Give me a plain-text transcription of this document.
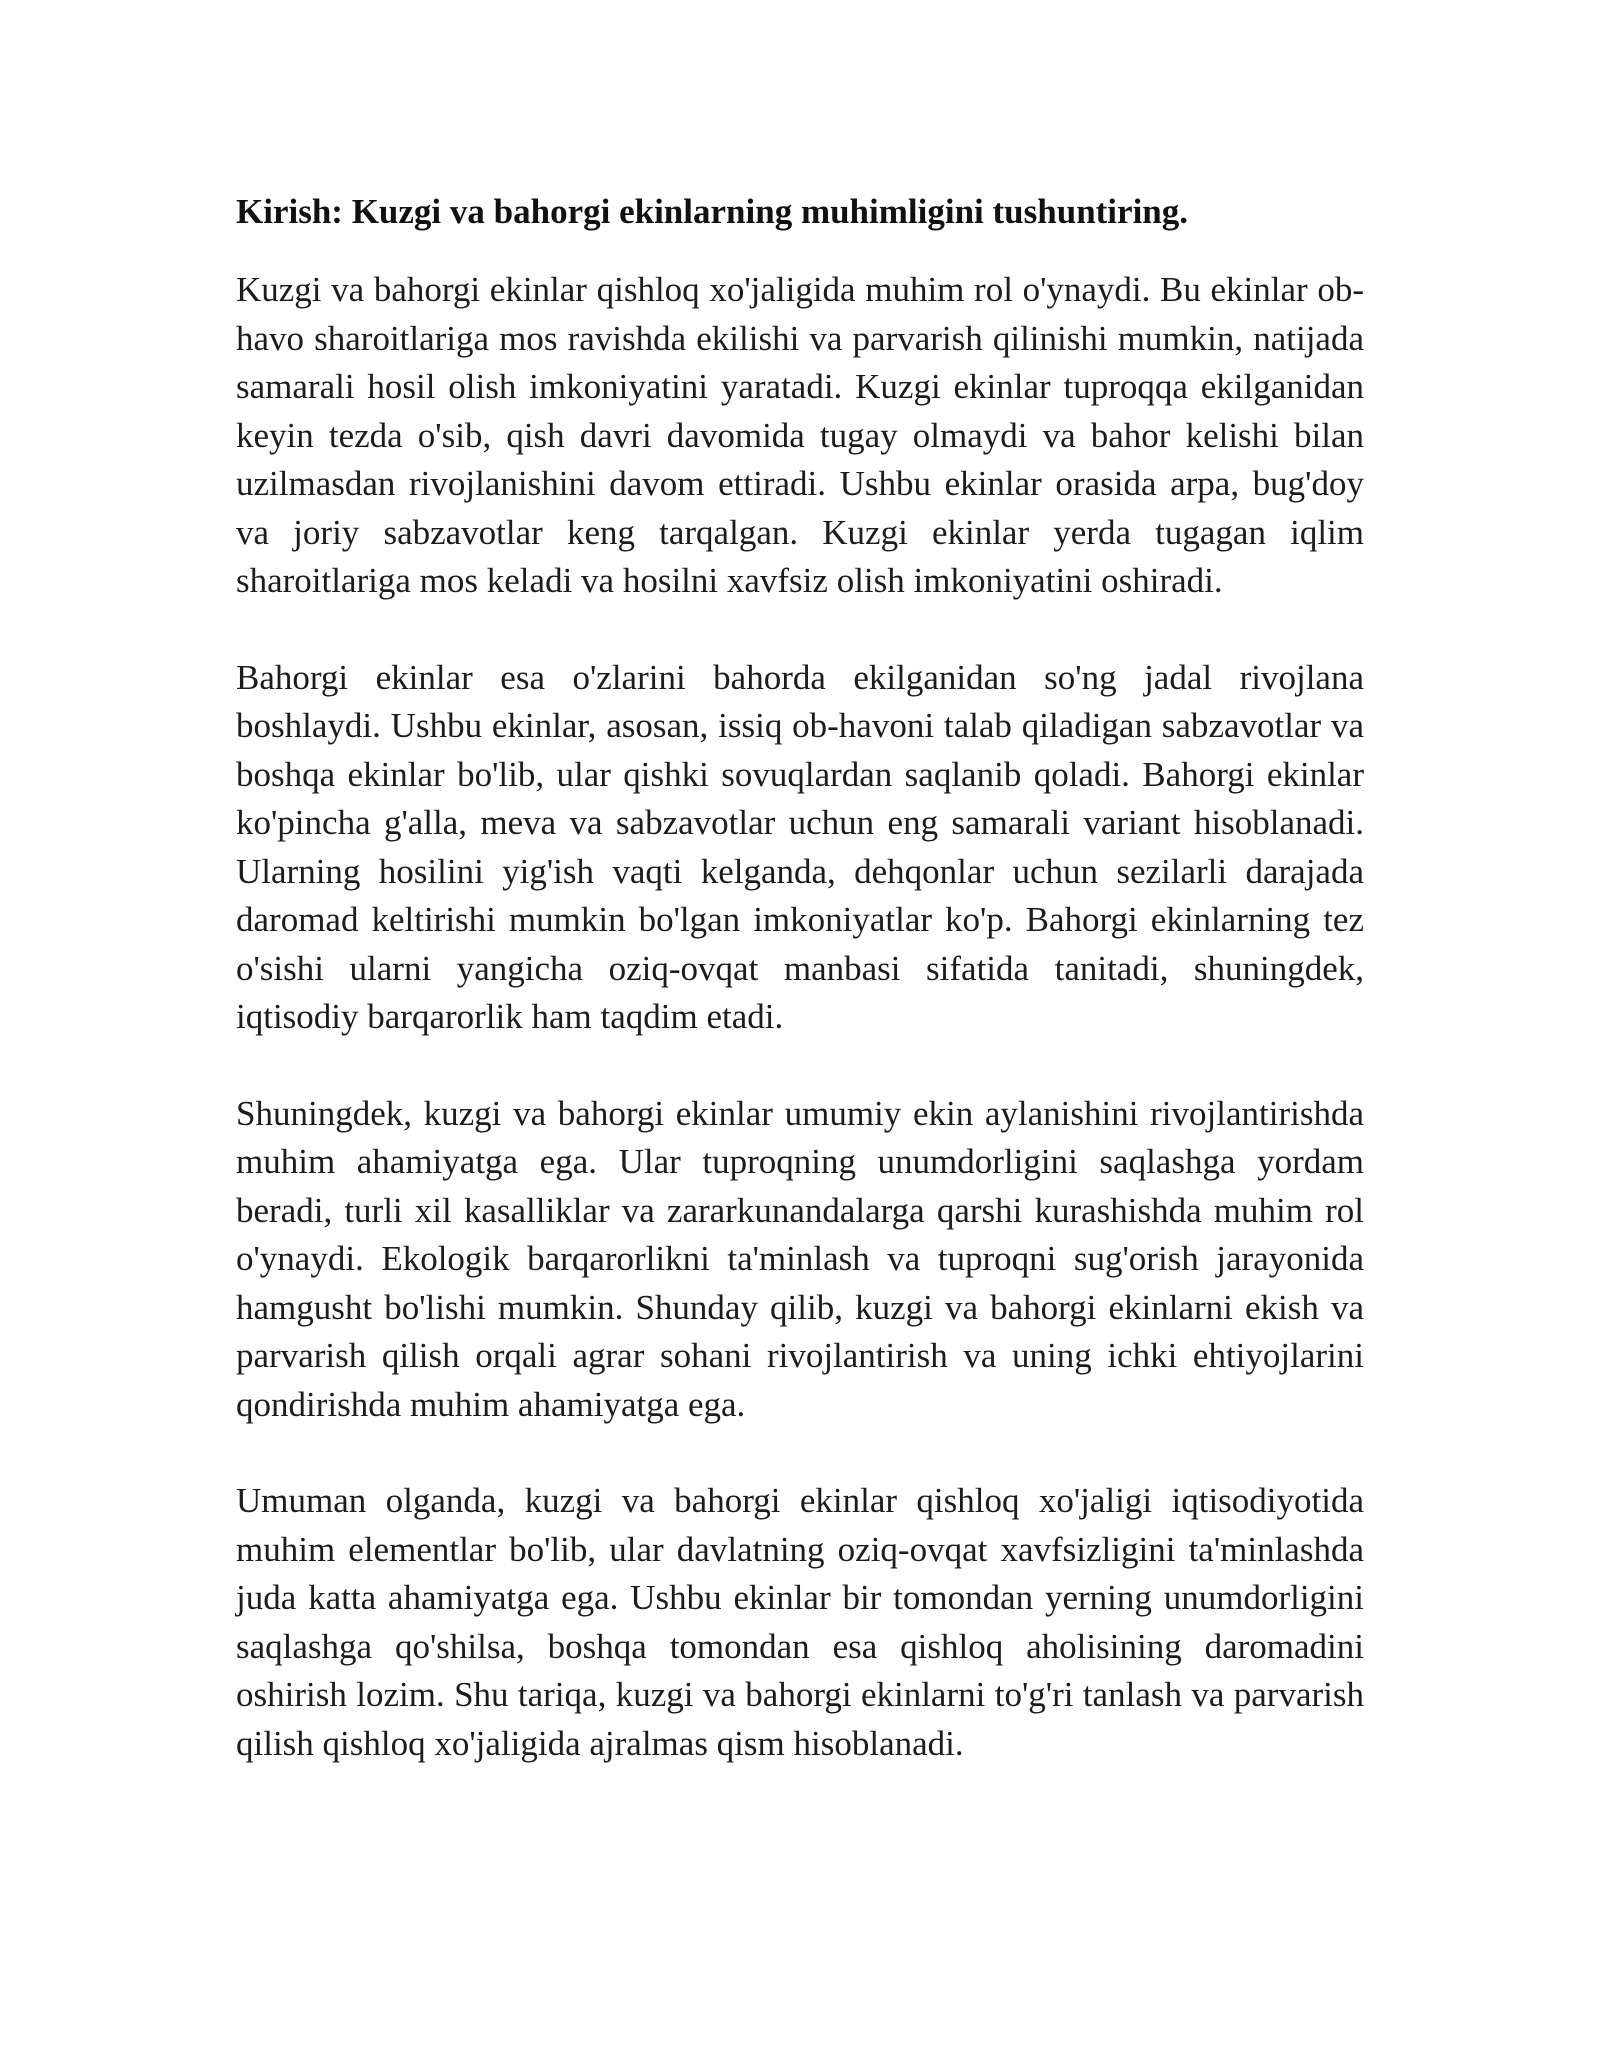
Kirish: Kuzgi va bahorgi ekinlarning muhimligini tushuntiring.

Kuzgi va bahorgi ekinlar qishloq xo'jaligida muhim rol o'ynaydi. Bu ekinlar ob-havo sharoitlariga mos ravishda ekilishi va parvarish qilinishi mumkin, natijada samarali hosil olish imkoniyatini yaratadi. Kuzgi ekinlar tuproqqa ekilganidan keyin tezda o'sib, qish davri davomida tugay olmaydi va bahor kelishi bilan uzilmasdan rivojlanishini davom ettiradi. Ushbu ekinlar orasida arpa, bug'doy va joriy sabzavotlar keng tarqalgan. Kuzgi ekinlar yerda tugagan iqlim sharoitlariga mos keladi va hosilni xavfsiz olish imkoniyatini oshiradi.

Bahorgi ekinlar esa o'zlarini bahorda ekilganidan so'ng jadal rivojlana boshlaydi. Ushbu ekinlar, asosan, issiq ob-havoni talab qiladigan sabzavotlar va boshqa ekinlar bo'lib, ular qishki sovuqlardan saqlanib qoladi. Bahorgi ekinlar ko'pincha g'alla, meva va sabzavotlar uchun eng samarali variant hisoblanadi. Ularning hosilini yig'ish vaqti kelganda, dehqonlar uchun sezilarli darajada daromad keltirishi mumkin bo'lgan imkoniyatlar ko'p. Bahorgi ekinlarning tez o'sishi ularni yangicha oziq-ovqat manbasi sifatida tanitadi, shuningdek, iqtisodiy barqarorlik ham taqdim etadi.

Shuningdek, kuzgi va bahorgi ekinlar umumiy ekin aylanishini rivojlantirishda muhim ahamiyatga ega. Ular tuproqning unumdorligini saqlashga yordam beradi, turli xil kasalliklar va zararkunandalarga qarshi kurashishda muhim rol o'ynaydi. Ekologik barqarorlikni ta'minlash va tuproqni sug'orish jarayonida hamgusht bo'lishi mumkin. Shunday qilib, kuzgi va bahorgi ekinlarni ekish va parvarish qilish orqali agrar sohani rivojlantirish va uning ichki ehtiyojlarini qondirishda muhim ahamiyatga ega.

Umuman olganda, kuzgi va bahorgi ekinlar qishloq xo'jaligi iqtisodiyotida muhim elementlar bo'lib, ular davlatning oziq-ovqat xavfsizligini ta'minlashda juda katta ahamiyatga ega. Ushbu ekinlar bir tomondan yerning unumdorligini saqlashga qo'shilsa, boshqa tomondan esa qishloq aholisining daromadini oshirish lozim. Shu tariqa, kuzgi va bahorgi ekinlarni to'g'ri tanlash va parvarish qilish qishloq xo'jaligida ajralmas qism hisoblanadi.
